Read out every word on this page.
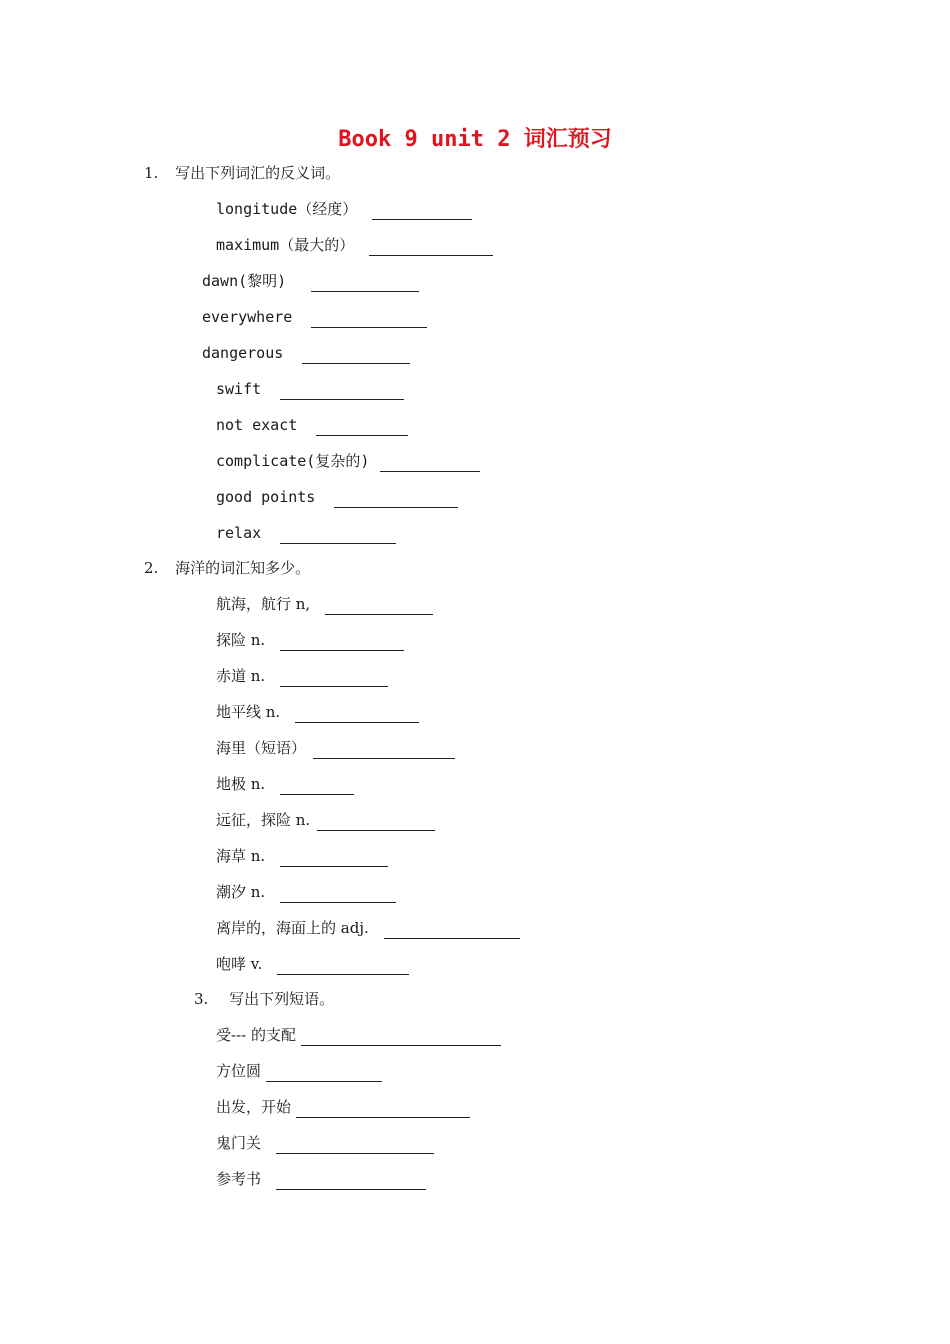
Book 9 unit 2 词汇预习
1. 写出下列词汇的反义词。
longitude（经度）
maximum（最大的）
dawn(黎明)
everywhere
dangerous
swift
not exact
complicate(复杂的)
good points
relax
2. 海洋的词汇知多少。
航海，航行 n,
探险 n.
赤道 n.
地平线 n.
海里（短语）
地极 n.
远征，探险 n.
海草 n.
潮汐 n.
离岸的，海面上的 adj.
咆哮 v.
3. 写出下列短语。
受--- 的支配
方位圆
出发，开始
鬼门关
参考书
